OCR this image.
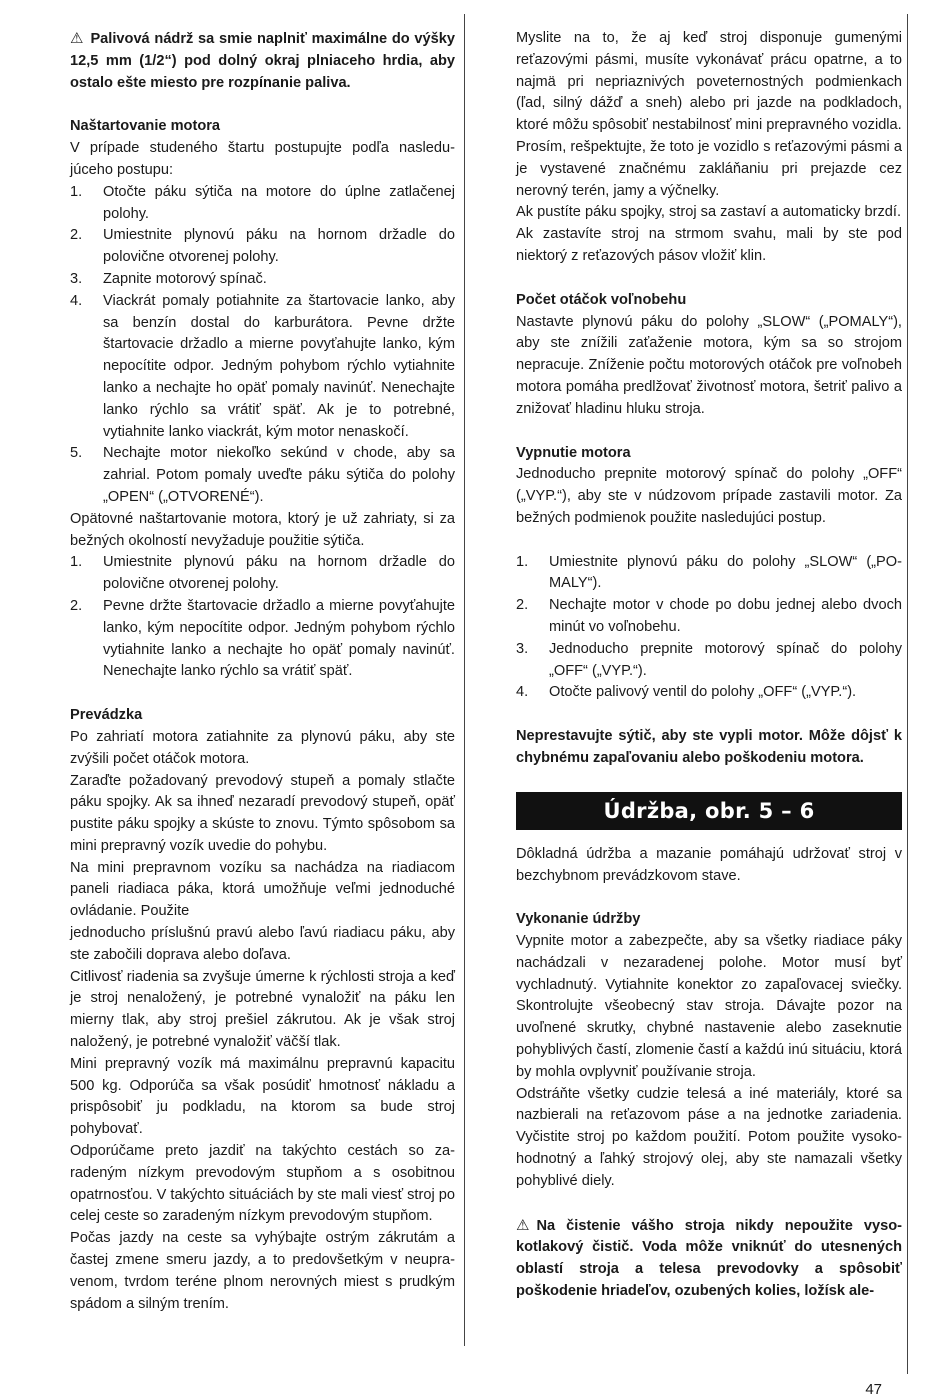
⚠ Palivová nádrž sa smie naplniť maximálne do výšky 12,5 mm (1/2“) pod dolný okraj plniaceho hrdia, aby ostalo ešte miesto pre rozpínanie paliva.

Naštartovanie motora

V prípade studeného štartu postupujte podľa nasledujúceho postupu:

1. Otočte páku sýtiča na motore do úplne zatlačenej polohy.
2. Umiestnite plynovú páku na hornom držadle do polovične otvorenej polohy.
3. Zapnite motorový spínač.
4. Viackrát pomaly potiahnite za štartovacie lanko, aby sa benzín dostal do karburátora. Pevne držte štartovacie držadlo a mierne povyťahujte lanko, kým nepocítite odpor. Jedným pohybom rýchlo vytiahnite lanko a nechajte ho opäť pomaly navinúť. Nenechajte lanko rýchlo sa vrátiť späť. Ak je to potrebné, vytiahnite lanko viackrát, kým motor nenaskočí.
5. Nechajte motor niekoľko sekúnd v chode, aby sa zahrial. Potom pomaly uveďte páku sýtiča do polohy „OPEN“ („OTVORENÉ“).

Opätovné naštartovanie motora, ktorý je už zahriaty, si za bežných okolností nevyžaduje použitie sýtiča.

1. Umiestnite plynovú páku na hornom držadle do polovične otvorenej polohy.
2. Pevne držte štartovacie držadlo a mierne povyťahujte lanko, kým nepocítite odpor. Jedným pohybom rýchlo vytiahnite lanko a nechajte ho opäť pomaly navinúť. Nenechajte lanko rýchlo sa vrátiť späť.

Prevádzka

Po zahriatí motora zatiahnite za plynovú páku, aby ste zvýšili počet otáčok motora.

Zaraďte požadovaný prevodový stupeň a pomaly stlačte páku spojky. Ak sa ihneď nezaradí prevodový stupeň, opäť pustite páku spojky a skúste to znovu. Týmto spôsobom sa mini prepravný vozík uvedie do pohybu.

Na mini prepravnom vozíku sa nachádza na riadiacom paneli riadiaca páka, ktorá umožňuje veľmi jednoduché ovládanie. Použite

jednoducho príslušnú pravú alebo ľavú riadiacu páku, aby ste zabočili doprava alebo doľava.

Citlivosť riadenia sa zvyšuje úmerne k rýchlosti stroja a keď je stroj nenaložený, je potrebné vynaložiť na páku len mierny tlak, aby stroj prešiel zákrutou. Ak je však stroj naložený, je potrebné vynaložiť väčší tlak.

Mini prepravný vozík má maximálnu prepravnú kapacitu 500 kg. Odporúča sa však posúdiť hmotnosť nákladu a prispôsobiť ju podkladu, na ktorom sa bude stroj pohybovať.

Odporúčame preto jazdiť na takýchto cestách so zaradeným nízkym prevodovým stupňom a s osobitnou opatrnosťou. V takýchto situáciách by ste mali viesť stroj po celej ceste so zaradeným nízkym prevodovým stupňom.

Počas jazdy na ceste sa vyhýbajte ostrým zákrutám a častej zmene smeru jazdy, a to predovšetkým v neupravenom, tvrdom teréne plnom nerovných miest s prudkým spádom a silným trením.

Myslite na to, že aj keď stroj disponuje gumenými reťazovými pásmi, musíte vykonávať prácu opatrne, a to najmä pri nepriaznivých poveternostných podmienkach (ľad, silný dážď a sneh) alebo pri jazde na podkladoch, ktoré môžu spôsobiť nestabilnosť mini prepravného vozidla.

Prosím, rešpektujte, že toto je vozidlo s reťazovými pásmi a je vystavené značnému zakláňaniu pri prejazde cez nerovný terén, jamy a výčnelky.

Ak pustíte páku spojky, stroj sa zastaví a automaticky brzdí.

Ak zastavíte stroj na strmom svahu, mali by ste pod niektorý z reťazových pásov vložiť klin.

Počet otáčok voľnobehu

Nastavte plynovú páku do polohy „SLOW“ („POMALY“), aby ste znížili zaťaženie motora, kým sa so strojom nepracuje. Zníženie počtu motorových otáčok pre voľnobeh motora pomáha predlžovať životnosť motora, šetriť palivo a znižovať hladinu hluku stroja.

Vypnutie motora

Jednoducho prepnite motorový spínač do polohy „OFF“ („VYP.“), aby ste v núdzovom prípade zastavili motor. Za bežných podmienok použite nasledujúci postup.

1. Umiestnite plynovú páku do polohy „SLOW“ („POMALY“).
2. Nechajte motor v chode po dobu jednej alebo dvoch minút vo voľnobehu.
3. Jednoducho prepnite motorový spínač do polohy „OFF“ („VYP.“).
4. Otočte palivový ventil do polohy „OFF“ („VYP.“).

Neprestavujte sýtič, aby ste vypli motor. Môže dôjsť k chybnému zapaľovaniu alebo poškodeniu motora.

Údržba, obr. 5 – 6

Dôkladná údržba a mazanie pomáhajú udržovať stroj v bezchybnom prevádzkovom stave.

Vykonanie údržby

Vypnite motor a zabezpečte, aby sa všetky riadiace páky nachádzali v nezaradenej polohe. Motor musí byť vychladnutý. Vytiahnite konektor zo zapaľovacej sviečky. Skontrolujte všeobecný stav stroja. Dávajte pozor na uvoľnené skrutky, chybné nastavenie alebo zaseknutie pohyblivých častí, zlomenie častí a každú inú situáciu, ktorá by mohla ovplyvniť používanie stroja.

Odstráňte všetky cudzie telesá a iné materiály, ktoré sa nazbierali na reťazovom páse a na jednotke zariadenia. Vyčistite stroj po každom použití. Potom použite vysokohodnotný a ľahký strojový olej, aby ste namazali všetky pohyblivé diely.

⚠ Na čistenie vášho stroja nikdy nepoužite vysokotlakový čistič. Voda môže vniknúť do utesnených oblastí stroja a telesa prevodovky a spôsobiť poškodenie hriadeľov, ozubených kolies, ložísk ale-

47
